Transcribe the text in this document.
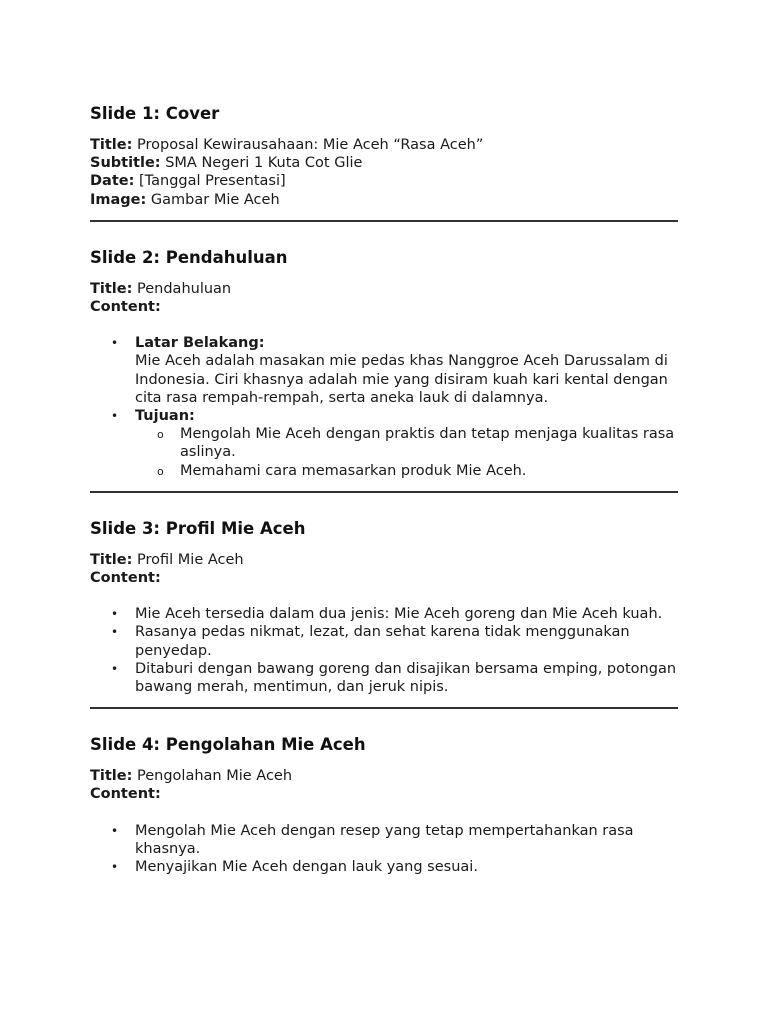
Slide 1: Cover

Title: Proposal Kewirausahaan: Mie Aceh “Rasa Aceh”

Subtitle: SMA Negeri 1 Kuta Cot Glie

Date: [Tanggal Presentasi]

Image: Gambar Mie Aceh

Slide 2: Pendahuluan

Title: Pendahuluan

Content:

• Latar Belakang:
Mie Aceh adalah masakan mie pedas khas Nanggroe Aceh Darussalam di Indonesia. Ciri khasnya adalah mie yang disiram kuah kari kental dengan cita rasa rempah-rempah, serta aneka lauk di dalamnya.
• Tujuan:
o	Mengolah Mie Aceh dengan praktis dan tetap menjaga kualitas rasa aslinya.
o	Memahami cara memasarkan produk Mie Aceh.
Slide 3: Profil Mie Aceh

Title: Profil Mie Aceh

Content:

• Mie Aceh tersedia dalam dua jenis: Mie Aceh goreng dan Mie Aceh kuah.
• Rasanya pedas nikmat, lezat, dan sehat karena tidak menggunakan penyedap.
• Ditaburi dengan bawang goreng dan disajikan bersama emping, potongan bawang merah, mentimun, dan jeruk nipis.
Slide 4: Pengolahan Mie Aceh

Title: Pengolahan Mie Aceh

Content:

• Mengolah Mie Aceh dengan resep yang tetap mempertahankan rasa khasnya.
• Menyajikan Mie Aceh dengan lauk yang sesuai.
